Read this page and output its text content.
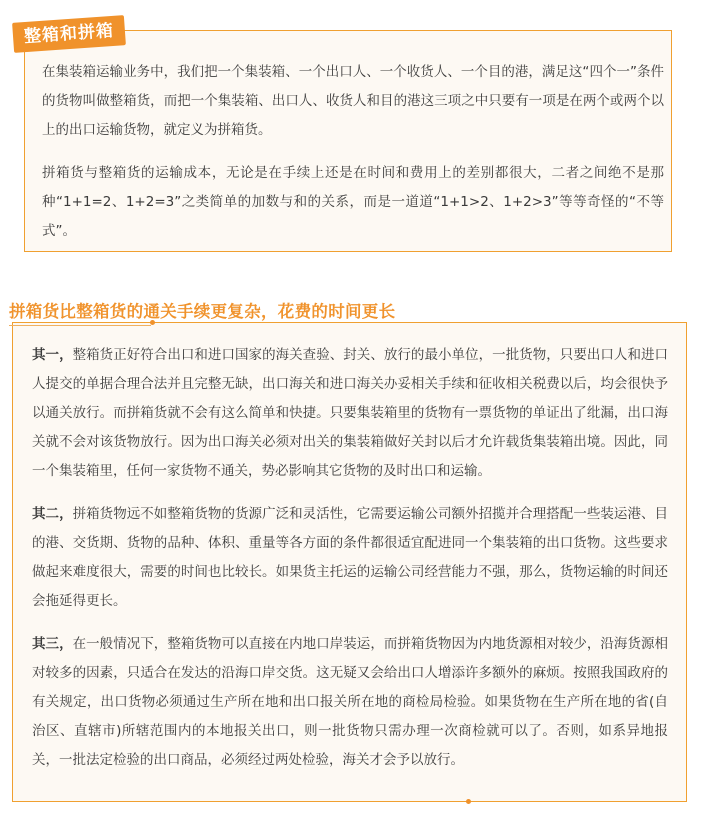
整箱和拼箱

在集装箱运输业务中，我们把一个集装箱、一个出口人、一个收货人、一个目的港，满足这“四个一”条件的货物叫做整箱货，而把一个集装箱、出口人、收货人和目的港这三项之中只要有一项是在两个或两个以上的出口运输货物，就定义为拼箱货。

拼箱货与整箱货的运输成本，无论是在手续上还是在时间和费用上的差别都很大，二者之间绝不是那种“1+1=2、1+2=3”之类简单的加数与和的关系，而是一道道“1+1>2、1+2>3”等等奇怪的“不等式”。

拼箱货比整箱货的通关手续更复杂，花费的时间更长

其一，整箱货正好符合出口和进口国家的海关查验、封关、放行的最小单位，一批货物，只要出口人和进口人提交的单据合理合法并且完整无缺，出口海关和进口海关办妥相关手续和征收相关税费以后，均会很快予以通关放行。而拼箱货就不会有这么简单和快捷。只要集装箱里的货物有一票货物的单证出了纰漏，出口海关就不会对该货物放行。因为出口海关必须对出关的集装箱做好关封以后才允许载货集装箱出境。因此，同一个集装箱里，任何一家货物不通关，势必影响其它货物的及时出口和运输。

其二，拼箱货物远不如整箱货物的货源广泛和灵活性，它需要运输公司额外招揽并合理搭配一些装运港、目的港、交货期、货物的品种、体积、重量等各方面的条件都很适宜配进同一个集装箱的出口货物。这些要求做起来难度很大，需要的时间也比较长。如果货主托运的运输公司经营能力不强，那么，货物运输的时间还会拖延得更长。

其三，在一般情况下，整箱货物可以直接在内地口岸装运，而拼箱货物因为内地货源相对较少，沿海货源相对较多的因素，只适合在发达的沿海口岸交货。这无疑又会给出口人增添许多额外的麻烦。按照我国政府的有关规定，出口货物必须通过生产所在地和出口报关所在地的商检局检验。如果货物在生产所在地的省(自治区、直辖市)所辖范围内的本地报关出口，则一批货物只需办理一次商检就可以了。否则，如系异地报关，一批法定检验的出口商品，必须经过两处检验，海关才会予以放行。
